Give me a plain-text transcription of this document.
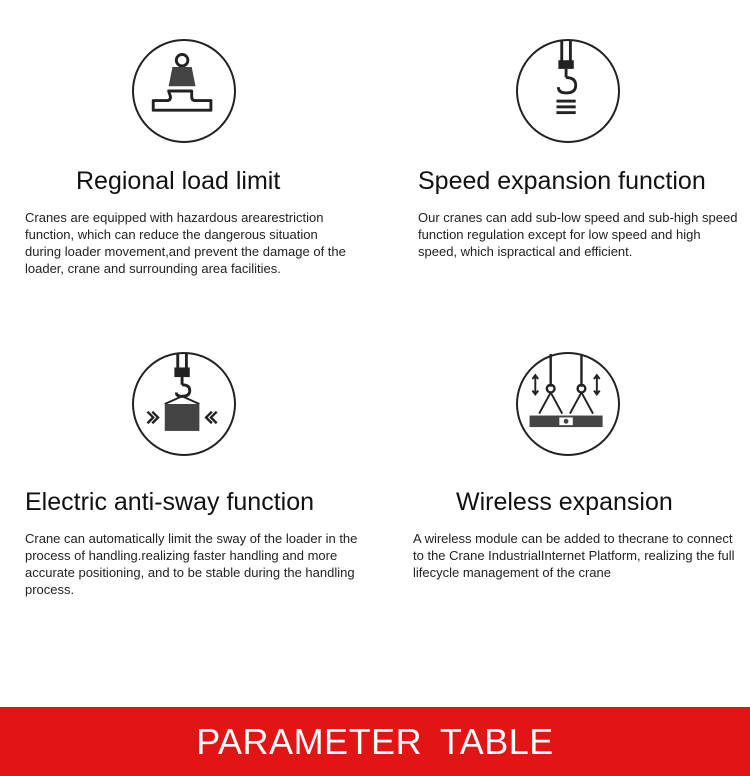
Regional load limit
Cranes are equipped with hazardous arearestriction function, which can reduce the dangerous situation during loader movement,and prevent the damage of the loader, crane and surrounding area facilities.
Speed expansion function
Our cranes can add sub-low speed and sub-high speed function regulation except for low speed and high speed, which ispractical and efficient.
Electric anti-sway function
Crane can automatically limit the sway of the loader in the process of handling.realizing faster handling and more accurate positioning, and to be stable during the handling process.
Wireless expansion
A wireless module can be added to thecrane to connect to the Crane IndustrialInternet Platform, realizing the full lifecycle management of the crane
PARAMETER TABLE
